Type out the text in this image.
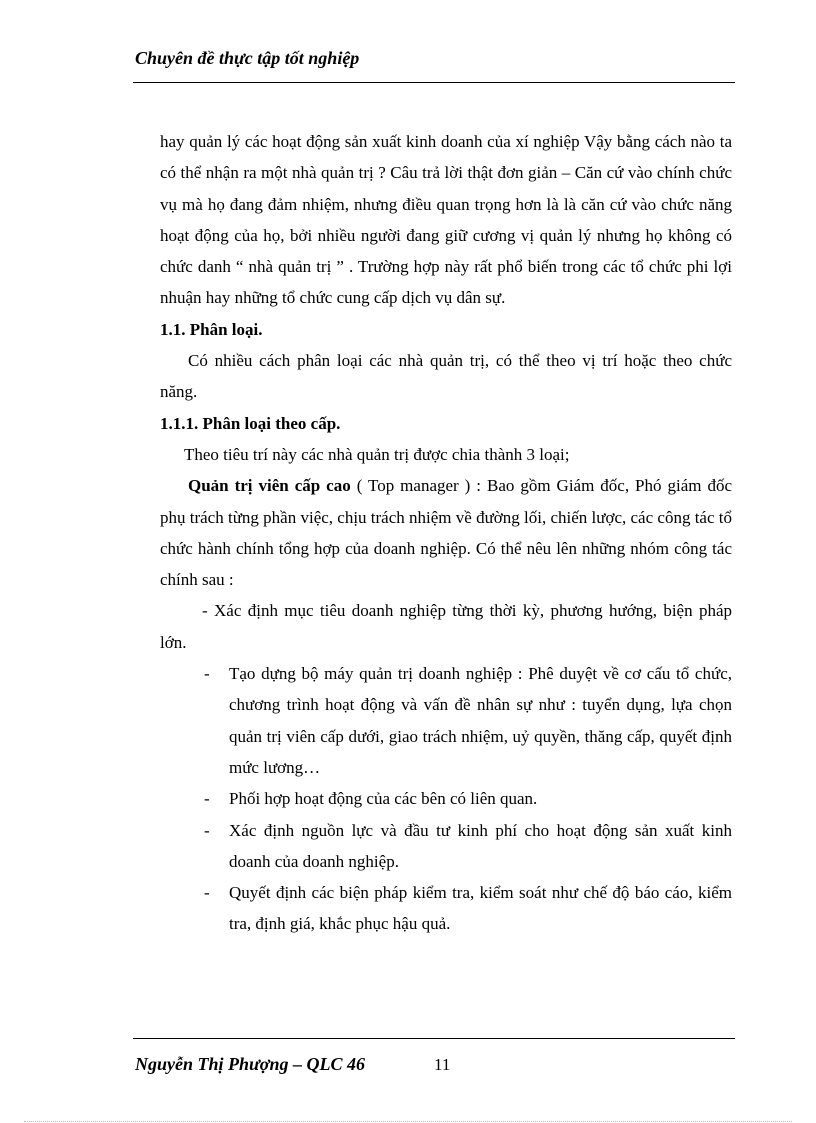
Chuyên đề thực tập tốt nghiệp

hay quản lý các hoạt động sản xuất kinh doanh của xí nghiệp Vậy bằng cách nào ta có thể nhận ra một nhà quản trị ? Câu trả lời thật đơn giản – Căn cứ vào chính chức vụ mà họ đang đảm nhiệm, nhưng điều quan trọng hơn là là căn cứ vào chức năng hoạt động của họ, bởi nhiều người đang giữ cương vị quản lý nhưng họ không có chức danh “ nhà quản trị ” . Trường hợp này rất phổ biến trong các tổ chức phi lợi nhuận hay những tổ chức cung cấp dịch vụ dân sự.

1.1. Phân loại.

Có nhiều cách phân loại các nhà quản trị, có thể theo vị trí hoặc theo chức năng.

1.1.1. Phân loại theo cấp.

Theo tiêu trí này các nhà quản trị được chia thành 3 loại;

Quản trị viên cấp cao ( Top manager ) : Bao gồm Giám đốc, Phó giám đốc phụ trách từng phần việc, chịu trách nhiệm về đường lối, chiến lược, các công tác tổ chức hành chính tổng hợp của doanh nghiệp. Có thể nêu lên những nhóm công tác chính sau :

- Xác định mục tiêu doanh nghiệp từng thời kỳ, phương hướng, biện pháp lớn.

-	Tạo dựng bộ máy quản trị doanh nghiệp : Phê duyệt về cơ cấu tổ chức, chương trình hoạt động và vấn đề nhân sự như : tuyển dụng, lựa chọn quản trị viên cấp dưới, giao trách nhiệm, uỷ quyền, thăng cấp, quyết định mức lương…
-	Phối hợp hoạt động của các bên có liên quan.
-	Xác định nguồn lực và đầu tư kinh phí cho hoạt động sản xuất kinh doanh của doanh nghiệp.
-	Quyết định các biện pháp kiểm tra, kiểm soát như chế độ báo cáo, kiểm tra, định giá, khắc phục hậu quả.
Nguyễn Thị Phượng – QLC 46	11
